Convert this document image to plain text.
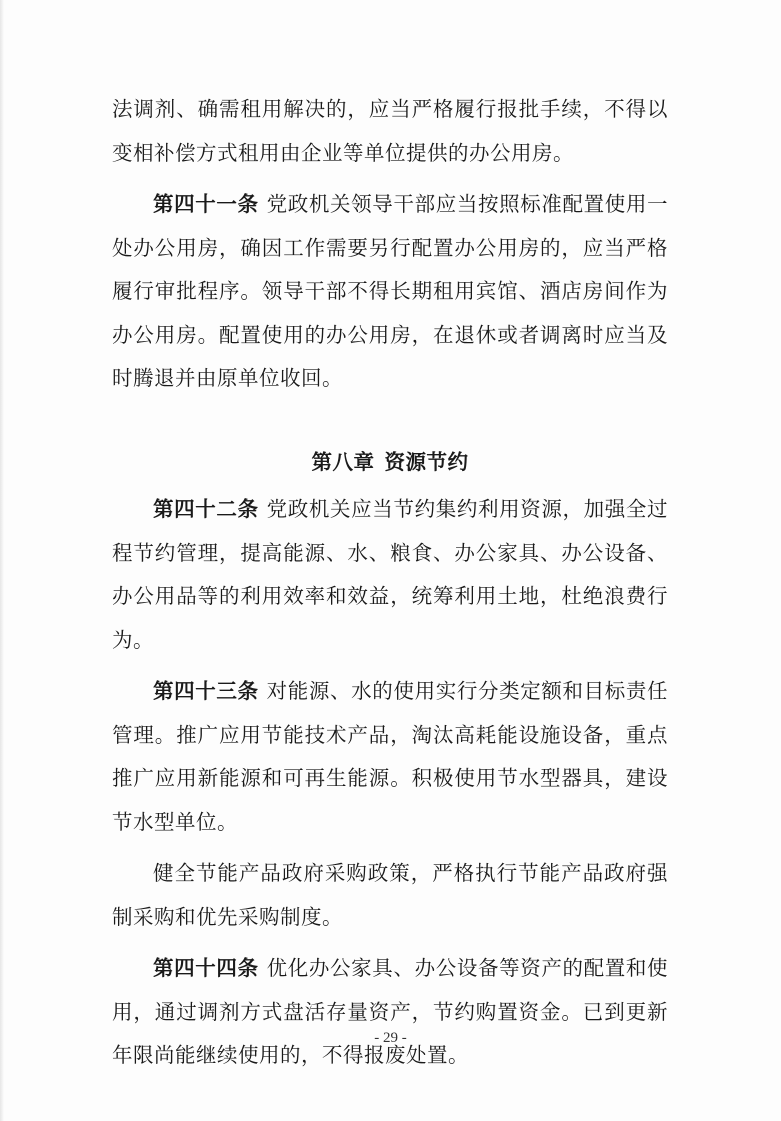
法调剂、确需租用解决的，应当严格履行报批手续，不得以变相补偿方式租用由企业等单位提供的办公用房。

第四十一条 党政机关领导干部应当按照标准配置使用一处办公用房，确因工作需要另行配置办公用房的，应当严格履行审批程序。领导干部不得长期租用宾馆、酒店房间作为办公用房。配置使用的办公用房，在退休或者调离时应当及时腾退并由原单位收回。

第八章 资源节约

第四十二条 党政机关应当节约集约利用资源，加强全过程节约管理，提高能源、水、粮食、办公家具、办公设备、办公用品等的利用效率和效益，统筹利用土地，杜绝浪费行为。

第四十三条 对能源、水的使用实行分类定额和目标责任管理。推广应用节能技术产品，淘汰高耗能设施设备，重点推广应用新能源和可再生能源。积极使用节水型器具，建设节水型单位。

健全节能产品政府采购政策，严格执行节能产品政府强制采购和优先采购制度。

第四十四条 优化办公家具、办公设备等资产的配置和使用，通过调剂方式盘活存量资产，节约购置资金。已到更新年限尚能继续使用的，不得报废处置。

- 29 -
